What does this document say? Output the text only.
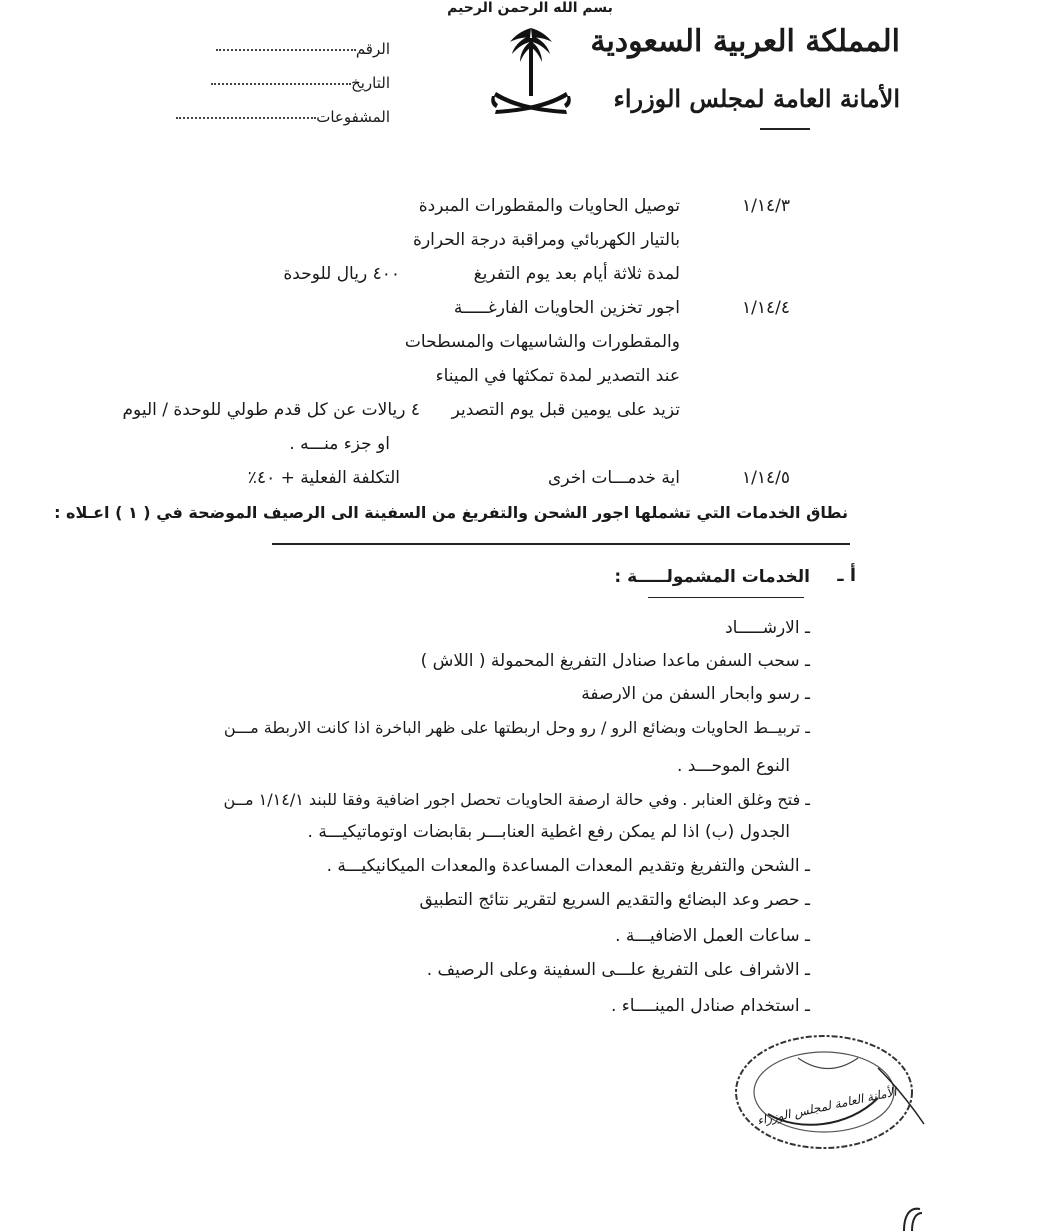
بسم الله الرحمن الرحيم
المملكة العربية السعودية
الأمانة العامة لمجلس الوزراء
الرقم
التاريخ
المشفوعات
١/١٤/٣
توصيل الحاويات والمقطورات المبردة
بالتيار الكهربائي ومراقبة درجة الحرارة
لمدة ثلاثة أيام بعد يوم التفريغ
٤٠٠ ريال للوحدة
١/١٤/٤
اجور تخزين الحاويات الفارغـــــة
والمقطورات والشاسيهات والمسطحات
عند التصدير لمدة تمكثها في الميناء
تزيد على يومين قبل يوم التصدير
٤ ريالات عن كل قدم طولي للوحدة / اليوم
او جزء منـــه .
١/١٤/٥
اية خدمـــات اخرى
التكلفة الفعلية + ٤٠٪
نطاق الخدمات التي تشملها اجور الشحن والتفريغ من السفينة الى الرصيف الموضحة في ( ١ ) اعـلاه :
أ ـ
الخدمات المشمولـــــة :
ـ الارشـــــاد
ـ سحب السفن ماعدا صنادل التفريغ المحمولة ( اللاش )
ـ رسو وابحار السفن من الارصفة
ـ تربيــط الحاويات وبضائع الرو / رو وحل اربطتها على ظهر الباخرة اذا كانت الاربطة مـــن
النوع الموحـــد .
ـ فتح وغلق العنابر . وفي حالة ارصفة الحاويات تحصل اجور اضافية وفقا للبند ١/١٤/١ مــن
الجدول (ب) اذا لم يمكن رفع اغطية العنابـــر بقابضات اوتوماتيكيـــة .
ـ الشحن والتفريغ وتقديم المعدات المساعدة والمعدات الميكانيكيـــة .
ـ حصر وعد البضائع والتقديم السريع لتقرير نتائج التطبيق
ـ ساعات العمل الاضافيـــة .
ـ الاشراف على التفريغ علـــى السفينة وعلى الرصيف .
ـ استخدام صنادل المينــــاء .
الأمانة العامة لمجلس الوزراء
